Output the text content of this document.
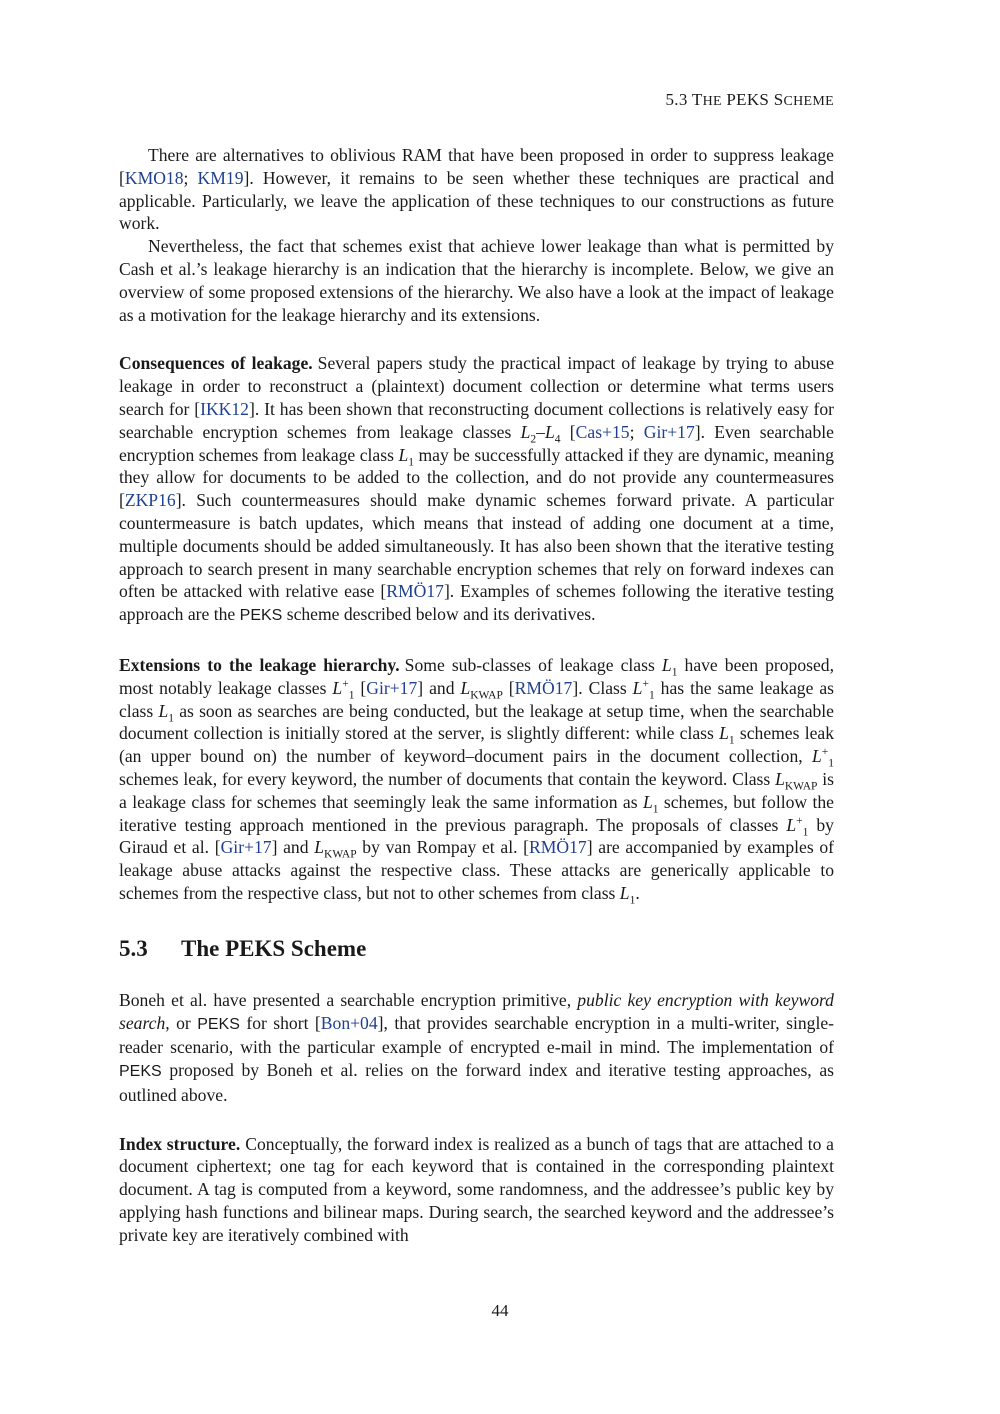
5.3 THE PEKS SCHEME

There are alternatives to oblivious RAM that have been proposed in order to suppress leakage [KMO18; KM19]. However, it remains to be seen whether these techniques are practical and applicable. Particularly, we leave the application of these techniques to our constructions as future work.

Nevertheless, the fact that schemes exist that achieve lower leakage than what is permitted by Cash et al.’s leakage hierarchy is an indication that the hierarchy is incomplete. Below, we give an overview of some proposed extensions of the hierarchy. We also have a look at the impact of leakage as a motivation for the leakage hierarchy and its extensions.

Consequences of leakage. Several papers study the practical impact of leakage by trying to abuse leakage in order to reconstruct a (plaintext) document collection or determine what terms users search for [IKK12]. It has been shown that reconstructing document collections is relatively easy for searchable encryption schemes from leakage classes $L_2-L_4$ [Cas+15; Gir+17]. Even searchable encryption schemes from leakage class $L_1$ may be successfully attacked if they are dynamic, meaning they allow for documents to be added to the collection, and do not provide any countermeasures [ZKP16]. Such countermeasures should make dynamic schemes forward private. A particular countermeasure is batch updates, which means that instead of adding one document at a time, multiple documents should be added simultaneously. It has also been shown that the iterative testing approach to search present in many searchable encryption schemes that rely on forward indexes can often be attacked with relative ease [RMÖ17]. Examples of schemes following the iterative testing approach are the PEKS scheme described below and its derivatives.

Extensions to the leakage hierarchy. Some sub-classes of leakage class $L_1$ have been proposed, most notably leakage classes $L^+_1$ [Gir+17] and $L_{KWAP}$ [RMÖ17]. Class $L^+_1$ has the same leakage as class $L_1$ as soon as searches are being conducted, but the leakage at setup time, when the searchable document collection is initially stored at the server, is slightly different: while class $L_1$ schemes leak (an upper bound on) the number of keyword–document pairs in the document collection, $L^+_1$ schemes leak, for every keyword, the number of documents that contain the keyword. Class $L_{KWAP}$ is a leakage class for schemes that seemingly leak the same information as $L_1$ schemes, but follow the iterative testing approach mentioned in the previous paragraph. The proposals of classes $L^+_1$ by Giraud et al. [Gir+17] and $L_{KWAP}$ by van Rompay et al. [RMÖ17] are accompanied by examples of leakage abuse attacks against the respective class. These attacks are generically applicable to schemes from the respective class, but not to other schemes from class $L_1$.

5.3 The PEKS Scheme

Boneh et al. have presented a searchable encryption primitive, public key encryption with keyword search, or PEKS for short [Bon+04], that provides searchable encryption in a multi-writer, single-reader scenario, with the particular example of encrypted e-mail in mind. The implementation of PEKS proposed by Boneh et al. relies on the forward index and iterative testing approaches, as outlined above.

Index structure. Conceptually, the forward index is realized as a bunch of tags that are attached to a document ciphertext; one tag for each keyword that is contained in the corresponding plaintext document. A tag is computed from a keyword, some randomness, and the addressee’s public key by applying hash functions and bilinear maps. During search, the searched keyword and the addressee’s private key are iteratively combined with

44
